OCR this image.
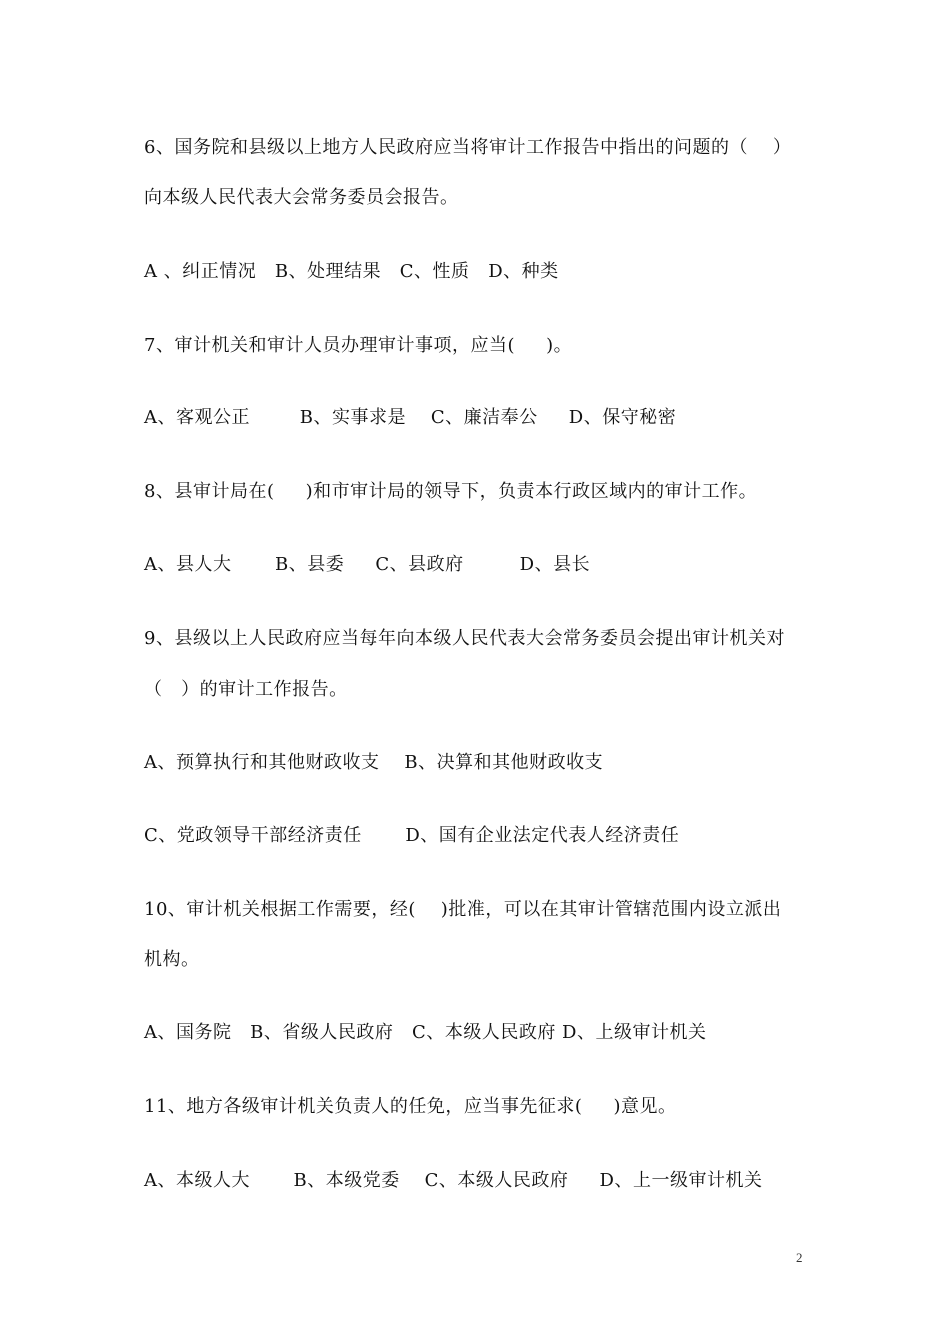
6、国务院和县级以上地方人民政府应当将审计工作报告中指出的问题的（    ）
向本级人民代表大会常务委员会报告。
A 、纠正情况   B、处理结果   C、性质   D、种类
7、审计机关和审计人员办理审计事项，应当(     )。
A、客观公正        B、实事求是    C、廉洁奉公     D、保守秘密
8、县审计局在(     )和市审计局的领导下，负责本行政区域内的审计工作。
A、县人大       B、县委     C、县政府         D、县长
9、县级以上人民政府应当每年向本级人民代表大会常务委员会提出审计机关对
（   ）的审计工作报告。
A、预算执行和其他财政收支    B、决算和其他财政收支
C、党政领导干部经济责任       D、国有企业法定代表人经济责任
10、审计机关根据工作需要，经(    )批准，可以在其审计管辖范围内设立派出
机构。
A、国务院   B、省级人民政府   C、本级人民政府 D、上级审计机关
11、地方各级审计机关负责人的任免，应当事先征求(     )意见。
A、本级人大       B、本级党委    C、本级人民政府     D、上一级审计机关
2
